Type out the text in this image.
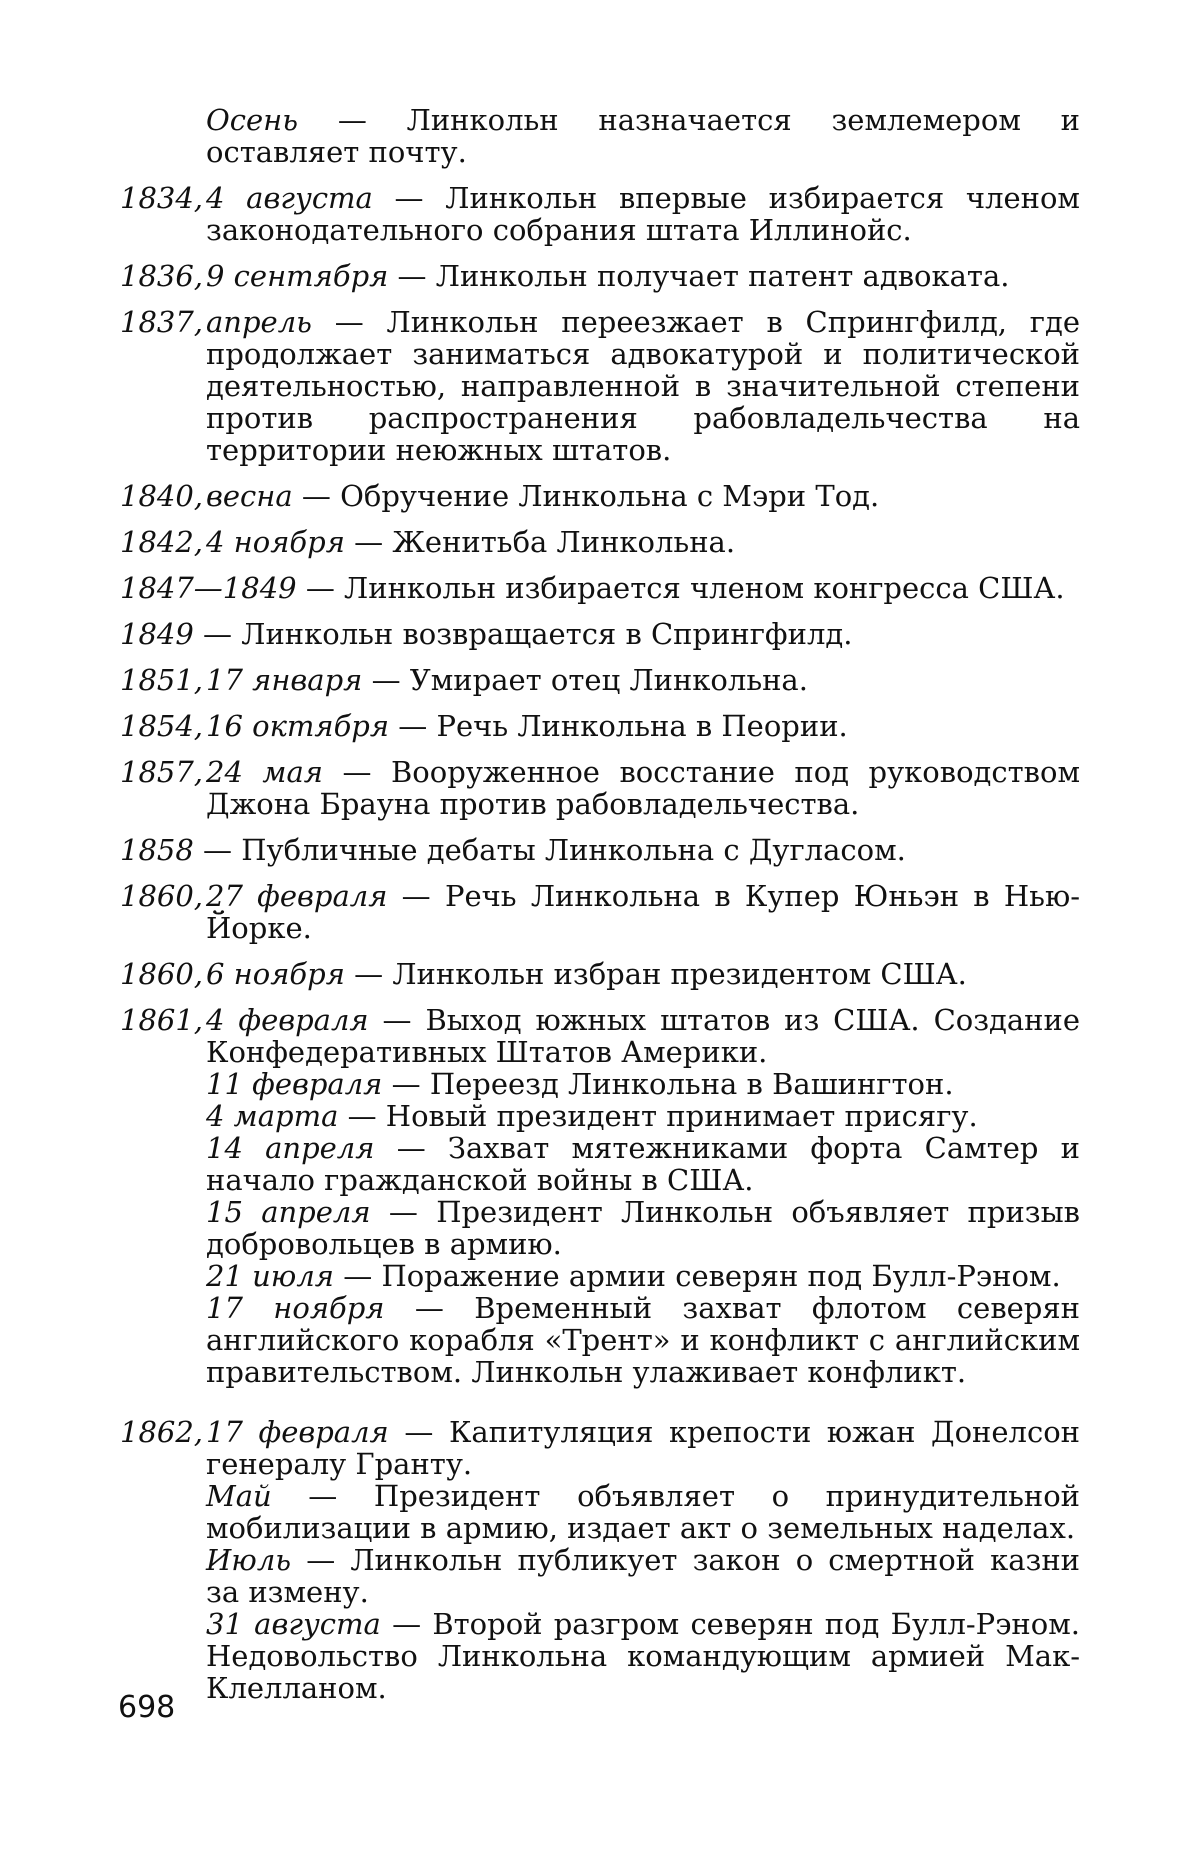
Осень — Линкольн назначается землемером и оставляет почту.
1834, 4 августа — Линкольн впервые избирается членом законодательного собрания штата Иллинойс.
1836, 9 сентября — Линкольн получает патент адвоката.
1837, апрель — Линкольн переезжает в Спрингфилд, где продолжает заниматься адвокатурой и политической деятельностью, направленной в значительной степени против распространения рабовладельчества на территории неюжных штатов.
1840, весна — Обручение Линкольна с Мэри Тод.
1842, 4 ноября — Женитьба Линкольна.
1847—1849 — Линкольн избирается членом конгресса США.
1849 — Линкольн возвращается в Спрингфилд.
1851, 17 января — Умирает отец Линкольна.
1854, 16 октября — Речь Линкольна в Пеории.
1857, 24 мая — Вооруженное восстание под руководством Джона Брауна против рабовладельчества.
1858 — Публичные дебаты Линкольна с Дугласом.
1860, 27 февраля — Речь Линкольна в Купер Юньэн в Нью-Йорке.
1860, 6 ноября — Линкольн избран президентом США.
1861, 4 февраля — Выход южных штатов из США. Создание Конфедеративных Штатов Америки.
11 февраля — Переезд Линкольна в Вашингтон.
4 марта — Новый президент принимает присягу.
14 апреля — Захват мятежниками форта Самтер и начало гражданской войны в США.
15 апреля — Президент Линкольн объявляет призыв добровольцев в армию.
21 июля — Поражение армии северян под Булл-Рэном.
17 ноября — Временный захват флотом северян английского корабля «Трент» и конфликт с английским правительством. Линкольн улаживает конфликт.
1862, 17 февраля — Капитуляция крепости южан Донелсон генералу Гранту.
Май — Президент объявляет о принудительной мобилизации в армию, издает акт о земельных наделах.
Июль — Линкольн публикует закон о смертной казни за измену.
31 августа — Второй разгром северян под Булл-Рэном. Недовольство Линкольна командующим армией Мак-Клелланом.
698
